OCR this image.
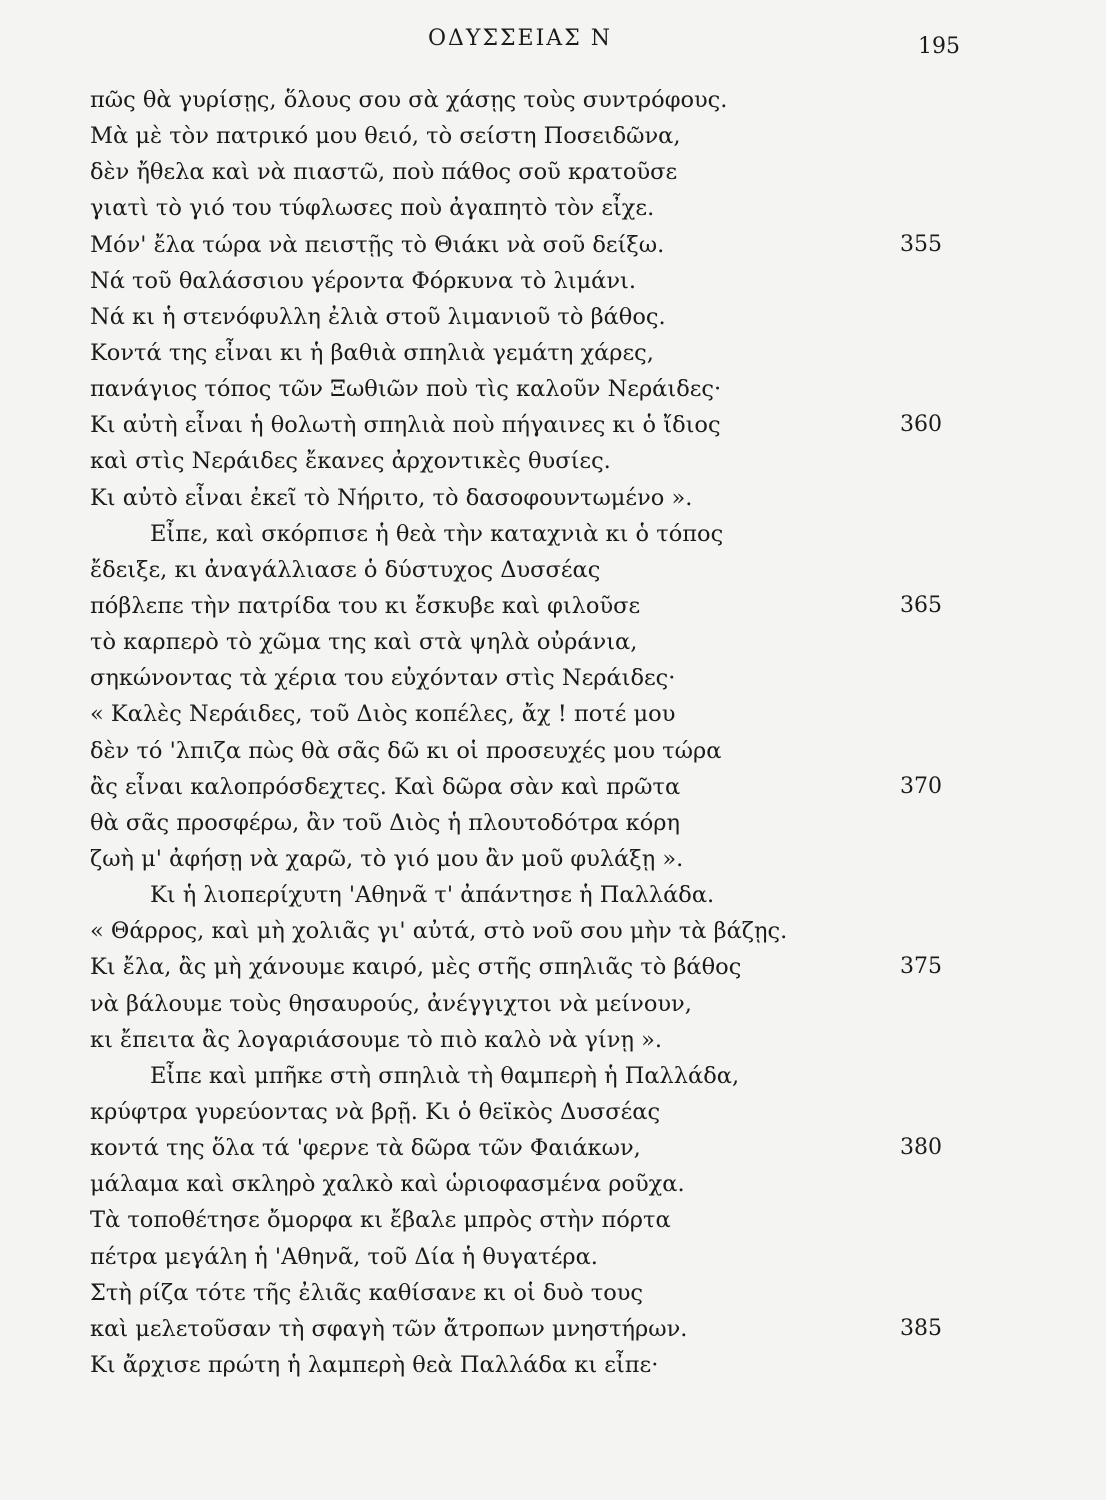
ΟΔΥΣΣΕΙΑΣ Ν	195
πῶς θὰ γυρίσῃς, ὅλους σου σὰ χάσῃς τοὺς συντρόφους.
Μὰ μὲ τὸν πατρικό μου θειό, τὸ σείστη Ποσειδῶνα,
δὲν ἤθελα καὶ νὰ πιαστῶ, ποὺ πάθος σοῦ κρατοῦσε
γιατὶ τὸ γιό του τύφλωσες ποὺ ἀγαπητὸ τὸν εἶχε.
Μόν' ἔλα τώρα νὰ πειστῇς τὸ Θιάκι νὰ σοῦ δείξω.	355
Νά τοῦ θαλάσσιου γέροντα Φόρκυνα τὸ λιμάνι.
Νά κι ἡ στενόφυλλη ἐλιὰ στοῦ λιμανιοῦ τὸ βάθος.
Κοντά της εἶναι κι ἡ βαθιὰ σπηλιὰ γεμάτη χάρες,
πανάγιος τόπος τῶν Ξωθιῶν ποὺ τὶς καλοῦν Νεράιδες·
Κι αὐτὴ εἶναι ἡ θολωτὴ σπηλιὰ ποὺ πήγαινες κι ὁ ἴδιος	360
καὶ στὶς Νεράιδες ἔκανες ἀρχοντικὲς θυσίες.
Κι αὐτὸ εἶναι ἐκεῖ τὸ Νήριτο, τὸ δασοφουντωμένο ».
Εἶπε, καὶ σκόρπισε ἡ θεὰ τὴν καταχνιὰ κι ὁ τόπος
ἔδειξε, κι ἀναγάλλιασε ὁ δύστυχος Δυσσέας
πόβλεπε τὴν πατρίδα του κι ἔσκυβε καὶ φιλοῦσε	365
τὸ καρπερὸ τὸ χῶμα της καὶ στὰ ψηλὰ οὐράνια,
σηκώνοντας τὰ χέρια του εὐχόνταν στὶς Νεράιδες·
« Καλὲς Νεράιδες, τοῦ Διὸς κοπέλες, ἄχ ! ποτέ μου
δὲν τό 'λπιζα πὼς θὰ σᾶς δῶ κι οἱ προσευχές μου τώρα
ἂς εἶναι καλοπρόσδεχτες. Καὶ δῶρα σὰν καὶ πρῶτα	370
θὰ σᾶς προσφέρω, ἂν τοῦ Διὸς ἡ πλουτοδότρα κόρη
ζωὴ μ' ἀφήσῃ νὰ χαρῶ, τὸ γιό μου ἂν μοῦ φυλάξῃ ».
Κι ἡ λιοπερίχυτη 'Αθηνᾶ τ' ἀπάντησε ἡ Παλλάδα.
« Θάρρος, καὶ μὴ χολιᾶς γι' αὐτά, στὸ νοῦ σου μὴν τὰ βάζῃς.
Κι ἔλα, ἂς μὴ χάνουμε καιρό, μὲς στῆς σπηλιᾶς τὸ βάθος	375
νὰ βάλουμε τοὺς θησαυρούς, ἀνέγγιχτοι νὰ μείνουν,
κι ἔπειτα ἂς λογαριάσουμε τὸ πιὸ καλὸ νὰ γίνῃ ».
Εἶπε καὶ μπῆκε στὴ σπηλιὰ τὴ θαμπερὴ ἡ Παλλάδα,
κρύφτρα γυρεύοντας νὰ βρῇ. Κι ὁ θεϊκὸς Δυσσέας
κοντά της ὅλα τά 'φερνε τὰ δῶρα τῶν Φαιάκων,	380
μάλαμα καὶ σκληρὸ χαλκὸ καὶ ὡριοφασμένα ροῦχα.
Τὰ τοποθέτησε ὄμορφα κι ἔβαλε μπρὸς στὴν πόρτα
πέτρα μεγάλη ἡ 'Αθηνᾶ, τοῦ Δία ἡ θυγατέρα.
Στὴ ρίζα τότε τῆς ἐλιᾶς καθίσανε κι οἱ δυὸ τους
καὶ μελετοῦσαν τὴ σφαγὴ τῶν ἄτροπων μνηστήρων.	385
Κι ἄρχισε πρώτη ἡ λαμπερὴ θεὰ Παλλάδα κι εἶπε·
